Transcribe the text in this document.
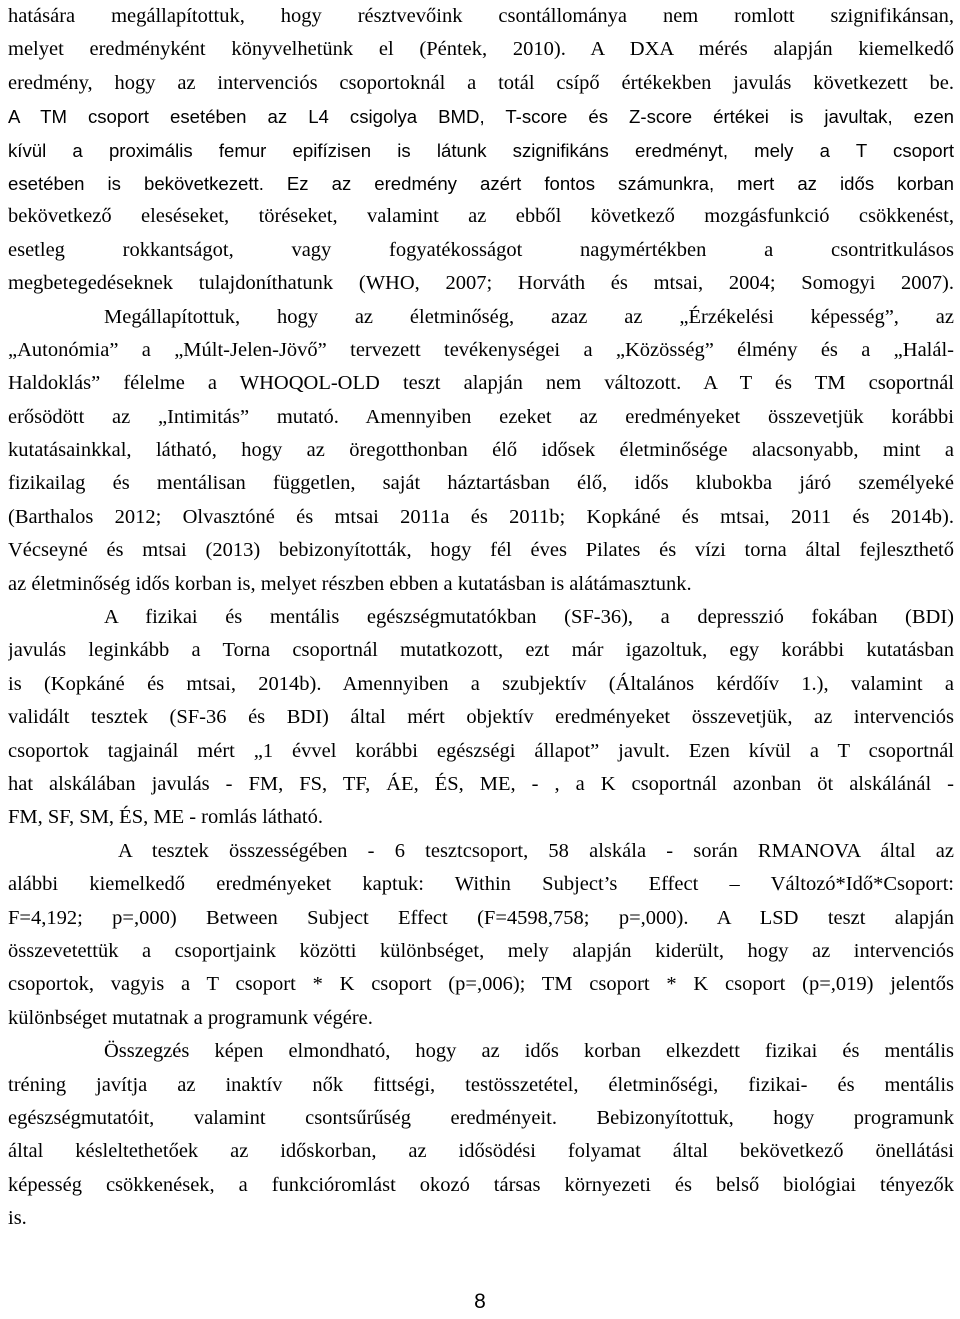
hatására megállapítottuk, hogy résztvevőink csontállománya nem romlott szignifikánsan,
melyet eredményként könyvelhetünk el (Péntek, 2010). A DXA mérés alapján kiemelkedő
eredmény, hogy az intervenciós csoportoknál a totál csípő értékekben javulás következett be.
A TM csoport esetében az L4 csigolya BMD, T-score és Z-score értékei is javultak, ezen
kívül a proximális femur epifízisen is látunk szignifikáns eredményt, mely a T csoport
esetében is bekövetkezett. Ez az eredmény azért fontos számunkra, mert az idős korban
bekövetkező eleséseket, töréseket, valamint az ebből következő mozgásfunkció csökkenést,
esetleg rokkantságot, vagy fogyatékosságot nagymértékben a csontritkulásos
megbetegedéseknek tulajdoníthatunk (WHO, 2007; Horváth és mtsai, 2004; Somogyi 2007).
Megállapítottuk, hogy az életminőség, azaz az „Érzékelési képesség”, az
„Autonómia” a „Múlt-Jelen-Jövő” tervezett tevékenységei a „Közösség” élmény és a „Halál-
Haldoklás” félelme a WHOQOL-OLD teszt alapján nem változott. A T és TM csoportnál
erősödött az „Intimitás” mutató. Amennyiben ezeket az eredményeket összevetjük korábbi
kutatásainkkal, látható, hogy az öregotthonban élő idősek életminősége alacsonyabb, mint a
fizikailag és mentálisan független, saját háztartásban élő, idős klubokba járó személyeké
(Barthalos 2012; Olvasztóné és mtsai 2011a és 2011b; Kopkáné és mtsai, 2011 és 2014b).
Vécseyné és mtsai (2013) bebizonyították, hogy fél éves Pilates és vízi torna által fejleszthető
az életminőség idős korban is, melyet részben ebben a kutatásban is alátámasztunk.
A fizikai és mentális egészségmutatókban (SF-36), a depresszió fokában (BDI)
javulás leginkább a Torna csoportnál mutatkozott, ezt már igazoltuk, egy korábbi kutatásban
is (Kopkáné és mtsai, 2014b). Amennyiben a szubjektív (Általános kérdőív 1.), valamint a
validált tesztek (SF-36 és BDI) által mért objektív eredményeket összevetjük, az intervenciós
csoportok tagjainál mért „1 évvel korábbi egészségi állapot” javult. Ezen kívül a T csoportnál
hat alskálában javulás - FM, FS, TF, ÁE, ÉS, ME, - , a K csoportnál azonban öt alskálánál -
FM, SF, SM, ÉS, ME - romlás látható.
A tesztek összességében - 6 tesztcsoport, 58 alskála - során RMANOVA által az
alábbi kiemelkedő eredményeket kaptuk: Within Subject’s Effect – Változó*Idő*Csoport:
F=4,192; p=,000) Between Subject Effect (F=4598,758; p=,000). A LSD teszt alapján
összevetettük a csoportjaink közötti különbséget, mely alapján kiderült, hogy az intervenciós
csoportok, vagyis a T csoport * K csoport (p=,006); TM csoport * K csoport (p=,019) jelentős
különbséget mutatnak a programunk végére.
Összegzés képen elmondható, hogy az idős korban elkezdett fizikai és mentális
tréning javítja az inaktív nők fittségi, testösszetétel, életminőségi, fizikai- és mentális
egészségmutatóit, valamint csontsűrűség eredményeit. Bebizonyítottuk, hogy programunk
által késleltethetőek az időskorban, az idősödési folyamat által bekövetkező önellátási
képesség csökkenések, a funkcióromlást okozó társas környezeti és belső biológiai tényezők
is.
8
